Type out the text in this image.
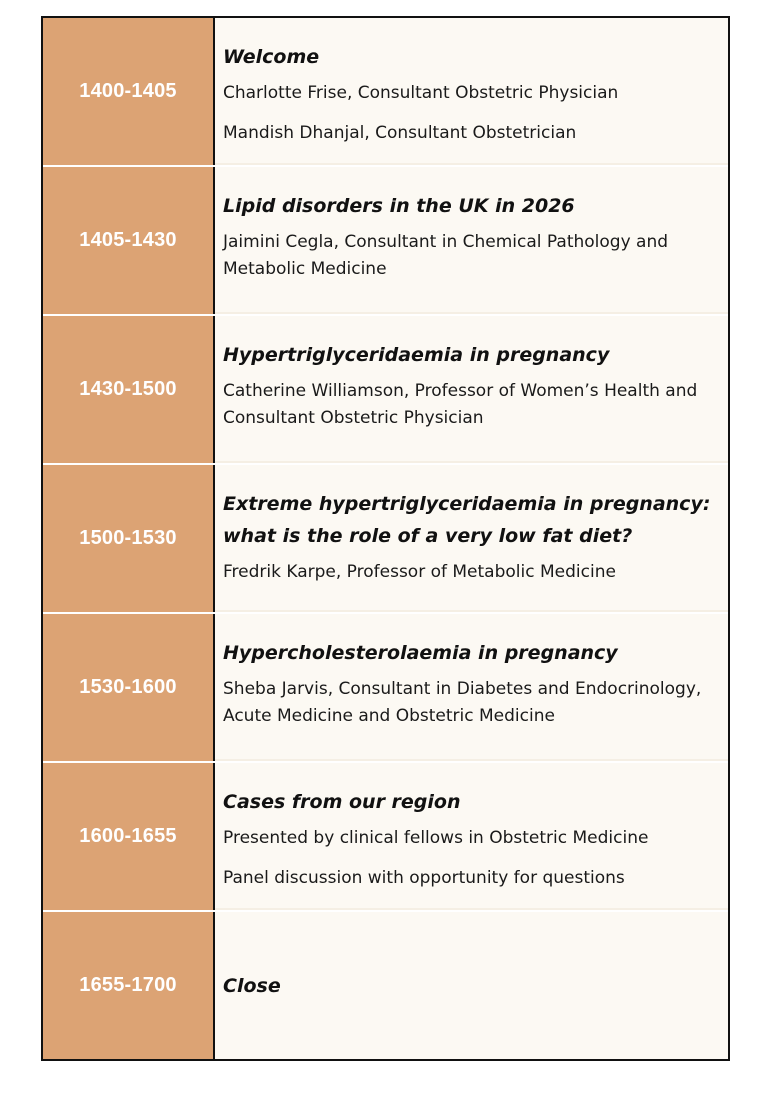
1400-1405
Welcome
Charlotte Frise, Consultant Obstetric Physician
Mandish Dhanjal, Consultant Obstetrician
1405-1430
Lipid disorders in the UK in 2026
Jaimini Cegla, Consultant in Chemical Pathology and Metabolic Medicine
1430-1500
Hypertriglyceridaemia in pregnancy
Catherine Williamson, Professor of Women’s Health and Consultant Obstetric Physician
1500-1530
Extreme hypertriglyceridaemia in pregnancy: what is the role of a very low fat diet?
Fredrik Karpe, Professor of Metabolic Medicine
1530-1600
Hypercholesterolaemia in pregnancy
Sheba Jarvis, Consultant in Diabetes and Endocrinology, Acute Medicine and Obstetric Medicine
1600-1655
Cases from our region
Presented by clinical fellows in Obstetric Medicine
Panel discussion with opportunity for questions
1655-1700 Close
